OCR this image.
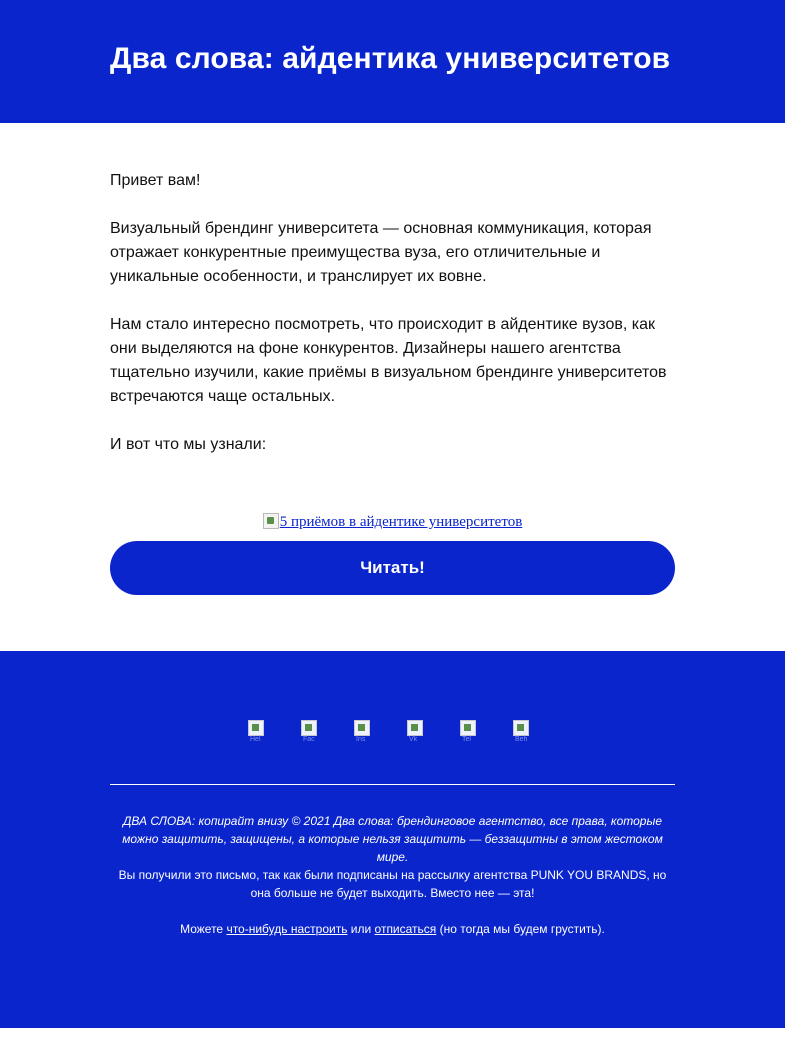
Два слова: айдентика университетов

Привет вам!

Визуальный брендинг университета — основная коммуникация, которая отражает конкурентные преимущества вуза, его отличительные и уникальные особенности, и транслирует их вовне.

Нам стало интересно посмотреть, что происходит в айдентике вузов, как они выделяются на фоне конкурентов. Дизайнеры нашего агентства тщательно изучили, какие приёмы в визуальном брендинге университетов встречаются чаще остальных.

И вот что мы узнали:

5 приёмов в айдентике университетов
Читать!
Hel	Fac	Ins	Vk	Tel	Beh
ДВА СЛОВА: копирайт внизу © 2021 Два слова: брендинговое агентство, все права, которые можно защитить, защищены, а которые нельзя защитить — беззащитны в этом жестоком мире.
Вы получили это письмо, так как были подписаны на рассылку агентства PUNK YOU BRANDS, но она больше не будет выходить. Вместо нее — эта!
Можете что-нибудь настроить или отписаться (но тогда мы будем грустить).
